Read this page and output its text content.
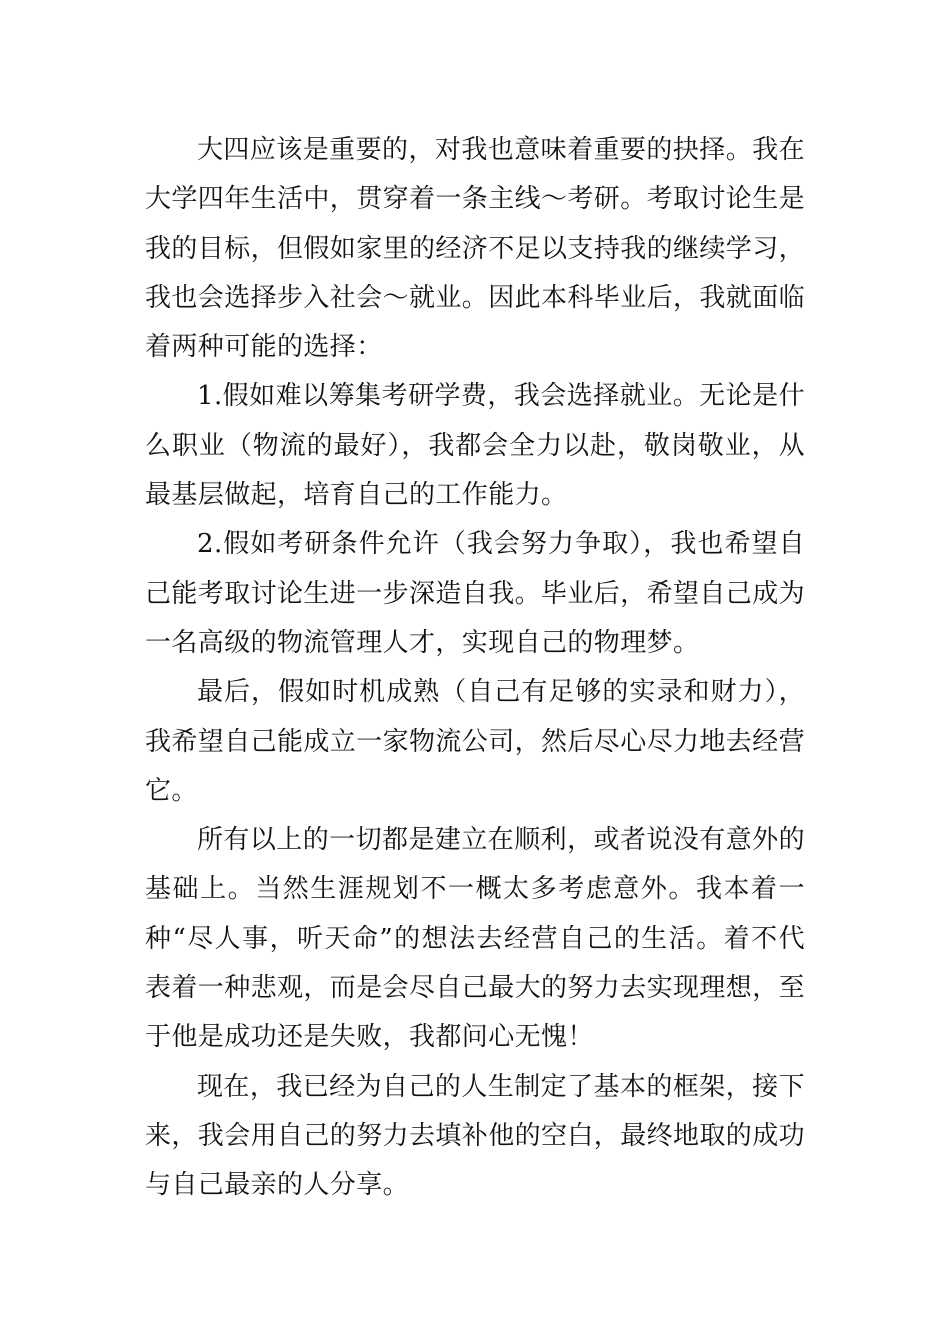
大四应该是重要的，对我也意味着重要的抉择。我在大学四年生活中，贯穿着一条主线～考研。考取讨论生是我的目标，但假如家里的经济不足以支持我的继续学习，我也会选择步入社会～就业。因此本科毕业后，我就面临着两种可能的选择：

1.假如难以筹集考研学费，我会选择就业。无论是什么职业（物流的最好），我都会全力以赴，敬岗敬业，从最基层做起，培育自己的工作能力。

2.假如考研条件允许（我会努力争取），我也希望自己能考取讨论生进一步深造自我。毕业后，希望自己成为一名高级的物流管理人才，实现自己的物理梦。

最后，假如时机成熟（自己有足够的实录和财力），我希望自己能成立一家物流公司，然后尽心尽力地去经营它。

所有以上的一切都是建立在顺利，或者说没有意外的基础上。当然生涯规划不一概太多考虑意外。我本着一种“尽人事，听天命”的想法去经营自己的生活。着不代表着一种悲观，而是会尽自己最大的努力去实现理想，至于他是成功还是失败，我都问心无愧！

现在，我已经为自己的人生制定了基本的框架，接下来，我会用自己的努力去填补他的空白，最终地取的成功与自己最亲的人分享。
